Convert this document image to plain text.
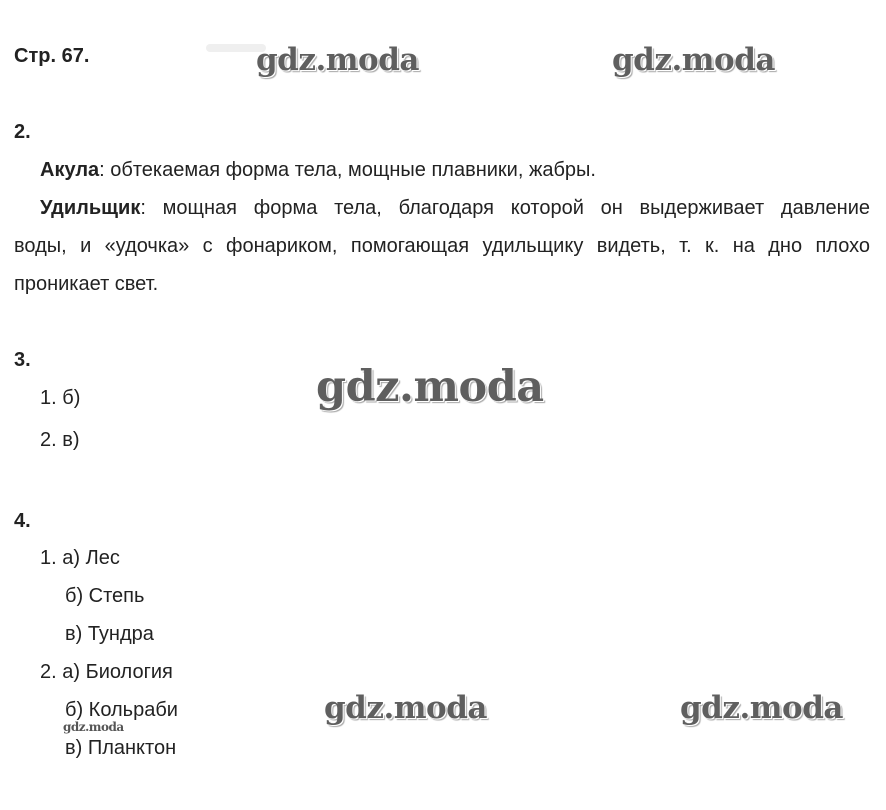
Стр. 67.	gdz.moda	gdz.moda
gdz.moda
gdz.moda	gdz.moda
gdz.moda
2.
Акула: обтекаемая форма тела, мощные плавники, жабры.
Удильщик: мощная форма тела, благодаря которой он выдерживает давление
воды, и «удочка» с фонариком, помогающая удильщику видеть, т. к. на дно плохо
проникает свет.
3.
1. б)
2. в)
4.
1. а) Лес
б) Степь
в) Тундра
2. а) Биология
б) Кольраби
в) Планктон
